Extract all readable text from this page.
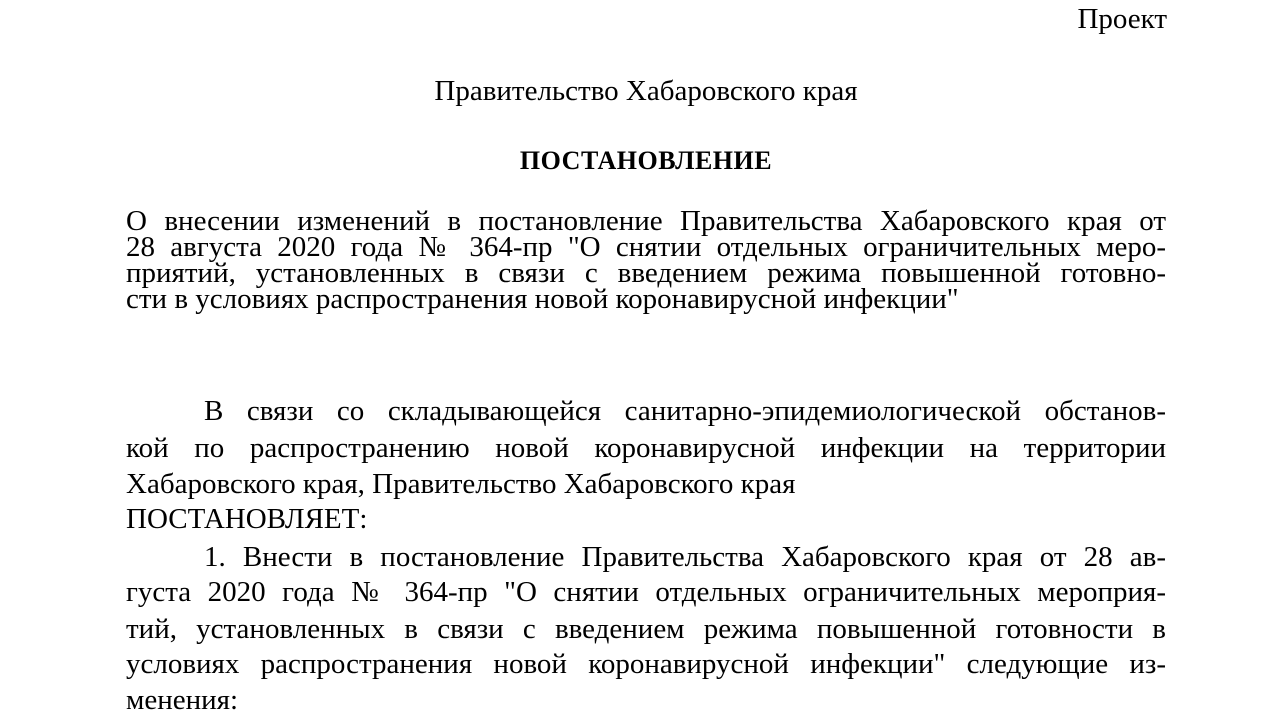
Проект

Правительство Хабаровского края

ПОСТАНОВЛЕНИЕ

О внесении изменений в постановление Правительства Хабаровского края от

28 августа 2020 года № 364-пр "О снятии отдельных ограничительных меро-

приятий, установленных в связи с введением режима повышенной готовно-

сти в условиях распространения новой коронавирусной инфекции"

В связи со складывающейся санитарно-эпидемиологической обстанов-

кой по распространению новой коронавирусной инфекции на территории

Хабаровского края, Правительство Хабаровского края

ПОСТАНОВЛЯЕТ:

1. Внести в постановление Правительства Хабаровского края от 28 ав-

густа 2020 года № 364-пр "О снятии отдельных ограничительных мероприя-

тий, установленных в связи с введением режима повышенной готовности в

условиях распространения новой коронавирусной инфекции" следующие из-

менения:
